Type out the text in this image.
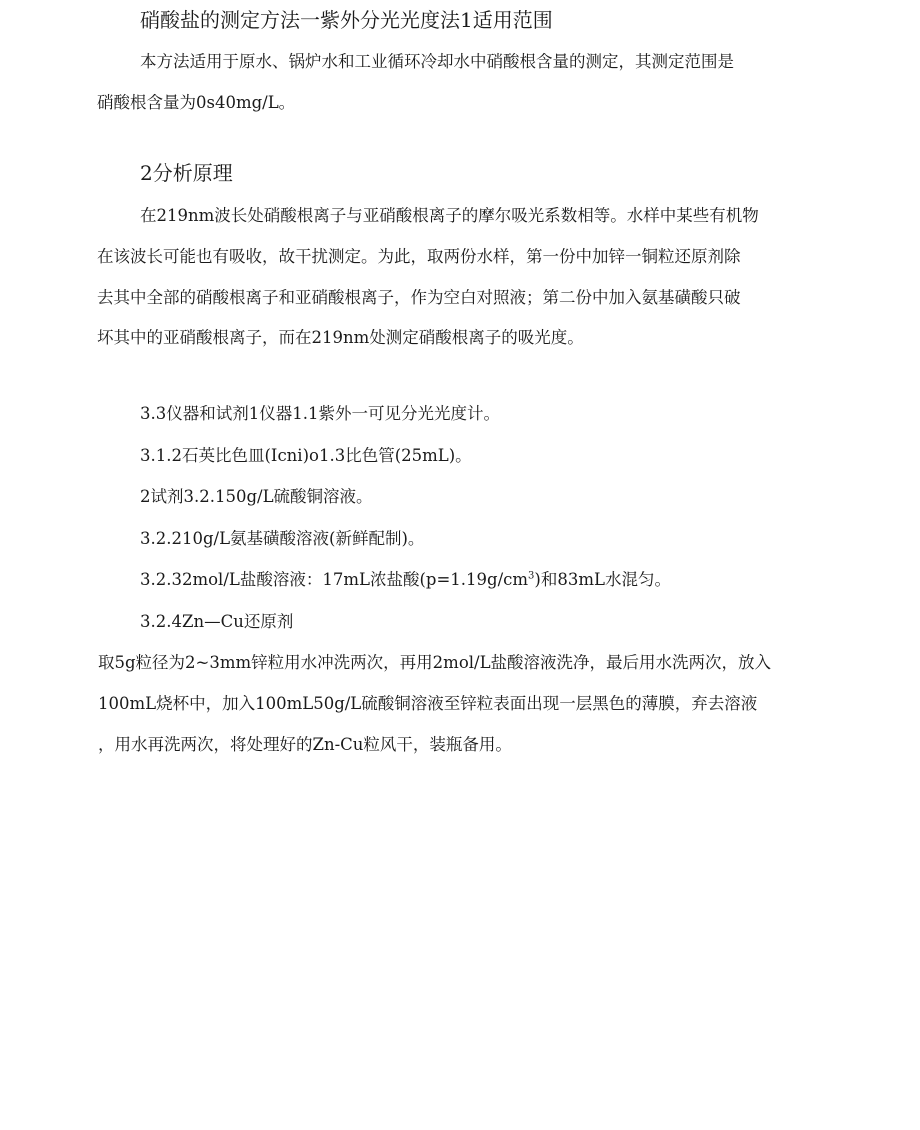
硝酸盐的测定方法一紫外分光光度法1适用范围
本方法适用于原水、锅炉水和工业循环冷却水中硝酸根含量的测定，其测定范围是
硝酸根含量为0s40mg/L。
2分析原理
在219nm波长处硝酸根离子与亚硝酸根离子的摩尔吸光系数相等。水样中某些有机物
在该波长可能也有吸收，故干扰测定。为此，取两份水样，第一份中加锌一铜粒还原剂除
去其中全部的硝酸根离子和亚硝酸根离子，作为空白对照液；第二份中加入氨基磺酸只破
坏其中的亚硝酸根离子，而在219nm处测定硝酸根离子的吸光度。
3.3仪器和试剂1仪器1.1紫外一可见分光光度计。
3.1.2石英比色皿(Icni)o1.3比色管(25mL)。
2试剂3.2.150g/L硫酸铜溶液。
3.2.210g/L氨基磺酸溶液(新鲜配制)。
3.2.32mol/L盐酸溶液：17mL浓盐酸$(p=1.19g/cm^3)$和83mL水混匀。
3.2.4Zn—Cu还原剂
取5g粒径为2~3mm锌粒用水冲洗两次，再用2mol/L盐酸溶液洗净，最后用水洗两次，放入
100mL烧杯中，加入100mL50g/L硫酸铜溶液至锌粒表面出现一层黑色的薄膜，弃去溶液
，用水再洗两次，将处理好的Zn-Cu粒风干，装瓶备用。
